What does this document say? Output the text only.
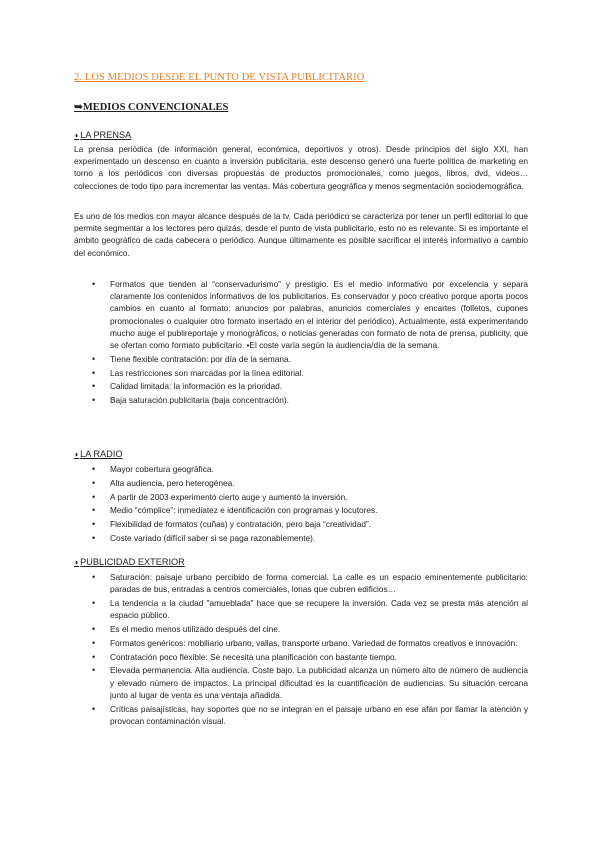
2. LOS MEDIOS DESDE EL PUNTO DE VISTA PUBLICITARIO
➥MEDIOS CONVENCIONALES
◗LA PRENSA

La prensa periódica (de información general, económica, deportivos y otros). Desde principios del siglo XXI, han experimentado un descenso en cuanto a inversión publicitaria, este descenso generó una fuerte política de marketing en torno a los periódicos con diversas propuestas de productos promocionales, como juegos, libros, dvd, videos… colecciones de todo tipo para incrementar las ventas. Más cobertura geográfica y menos segmentación sociodemográfica.

Es uno de los medios con mayor alcance después de la tv. Cada periódico se caracteriza por tener un perfil editorial lo que permite segmentar a los lectores pero quizás, desde el punto de vista publicitario, esto no es relevante. Si es importante el ámbito geográfico de cada cabecera o periódico. Aunque últimamente es posible sacrificar el interés informativo a cambio del económico.

• Formatos que tienden al “conservadurismo” y prestigio. Es el medio informativo por excelencia y separa claramente los contenidos informativos de los publicitarios. Es conservador y poco creativo porque aporta pocos cambios en cuanto al formato: anuncios por palabras, anuncios comerciales y encartes (folletos, cupones promocionales o cualquier otro formato insertado en el interior del periódico). Actualmente, está experimentando mucho auge el publireportaje y monográficos, o noticias generadas con formato de nota de prensa, publicity, que se ofertan como formato publicitario. •El coste varía según la audiencia/día de la semana.
• Tiene flexible contratación: por día de la semana.
• Las restricciones son marcadas por la línea editorial.
• Calidad limitada: la información es la prioridad.
• Baja saturación publicitaria (baja concentración).
◗LA RADIO
• Mayor cobertura geográfica.
• Alta audiencia, pero heterogénea.
• A partir de 2003 experimentó cierto auge y aumentó la inversión.
• Medio “cómplice”: inmediatez e identificación con programas y locutores.
• Flexibilidad de formatos (cuñas) y contratación, pero baja “creatividad”.
• Coste variado (difícil saber si se paga razonablemente).
◗PUBLICIDAD EXTERIOR
• Saturación: paisaje urbano percibido de forma comercial. La calle es un espacio eminentemente publicitario: paradas de bus, entradas a centros comerciales, lonas que cubren edificios…
• La tendencia a la ciudad "amueblada" hace que se recupere la inversión. Cada vez se presta más atención al espacio público.
• Es el medio menos utilizado después del cine.
• Formatos genéricos: mobiliario urbano, vallas, transporte urbano. Variedad de formatos creativos e innovación.
• Contratación poco flexible: Se necesita una planificación con bastante tiempo.
• Elevada permanencia. Alta audiencia. Coste bajo. La publicidad alcanza un número alto de número de audiencia y elevado número de impactos. La principal dificultad es la cuantificación de audiencias. Su situación cercana junto al lugar de venta es una ventaja añadida.
• Críticas paisajísticas, hay soportes que no se integran en el paisaje urbano en ese afán por llamar la atención y provocan contaminación visual.
